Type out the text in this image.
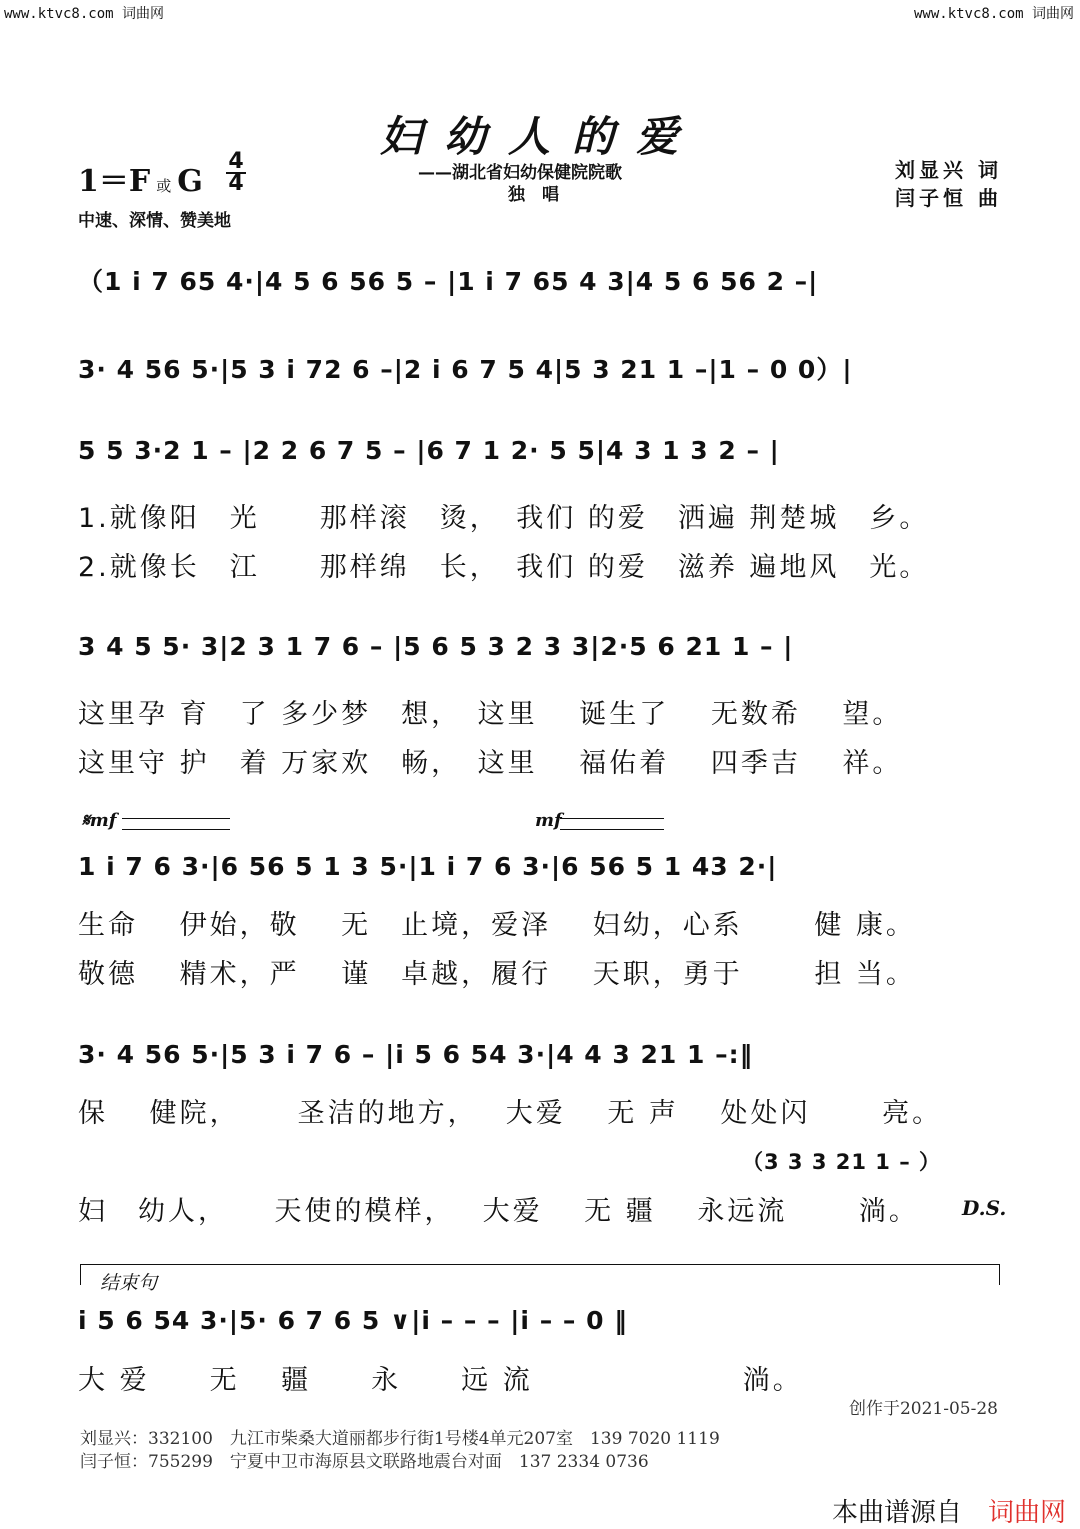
www.ktvc8.com 词曲网	www.ktvc8.com 词曲网
妇幼人的爱
——湖北省妇幼保健院院歌
独　唱
1＝F 或 G
4
4
中速、深情、赞美地
刘显兴 词
闫子恒 曲
（1 i 7 65 4·|4 5 6 56 5 – |1 i 7 65 4 3|4 5 6 56 2 –|
3· 4 56 5·|5 3 i 72 6 –|2 i 6 7 5 4|5 3 21 1 –|1 – 0 0）|
5 5 3·2 1 – |2 2 6 7 5 – |6 7 1 2· 5 5|4 3 1 3 2 – |
1.就像阳　光　　那样滚　烫，　我们 的爱　洒遍 荆楚城　乡。
2.就像长　江　　那样绵　长，　我们 的爱　滋养 遍地风　光。
3 4 5 5· 3|2 3 1 7 6 – |5 6 5 3 2 3 3|2·5 6 21 1 – |
这里孕 育　了 多少梦　想，　这里　 诞生了　 无数希　 望。
这里守 护　着 万家欢　畅，　这里　 福佑着　 四季吉　 祥。
𝄋mf	mf
1 i 7 6 3·|6 56 5 1 3 5·|1 i 7 6 3·|6 56 5 1 43 2·|
生命　 伊始，敬　 无　止境，爱泽　 妇幼，心系　　 健 康。
敬德　 精术，严　 谨　卓越，履行　 天职，勇于　　 担 当。
3· 4 56 5·|5 3 i 7 6 – |i 5 6 54 3·|4 4 3 21 1 –:‖
保　 健院，　　 圣洁的地方，　 大爱　 无 声　 处处闪　　 亮。
（3 3 3 21 1 – ）
妇　幼人，　　天使的模样，　 大爱　 无 疆　 永远流　　 淌。 D.S.
结束句
i 5 6 54 3·|5· 6 7 6 5 ∨|i – – – |i – – 0 ‖
大 爱　　无　 疆　　永　　远 流　　　　　　　淌。
创作于2021-05-28
刘显兴：332100　九江市柴桑大道丽都步行街1号楼4单元207室　139 7020 1119
闫子恒：755299　宁夏中卫市海原县文联路地震台对面　137 2334 0736
本曲谱源自　 词曲网
